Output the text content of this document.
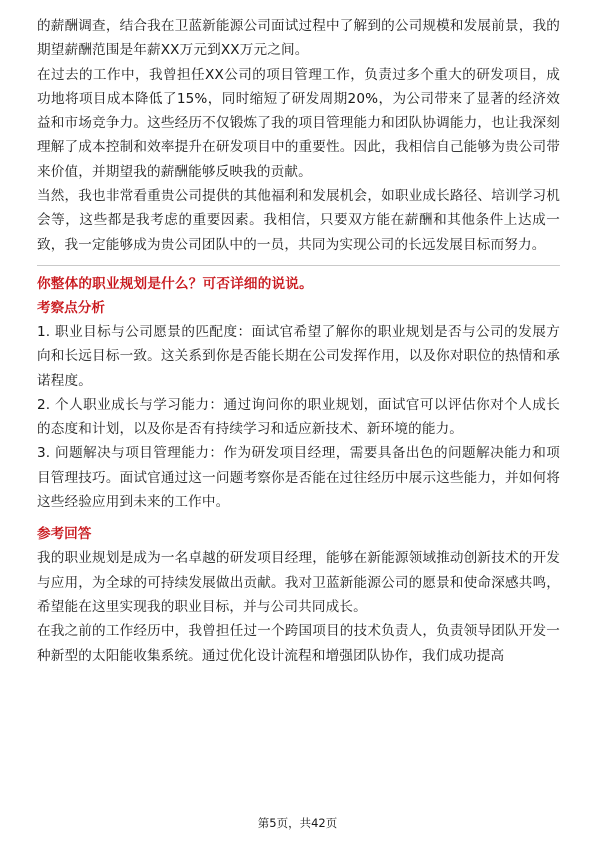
的薪酬调查，结合我在卫蓝新能源公司面试过程中了解到的公司规模和发展前景，我的期望薪酬范围是年薪XX万元到XX万元之间。

在过去的工作中，我曾担任XX公司的项目管理工作，负责过多个重大的研发项目，成功地将项目成本降低了15%，同时缩短了研发周期20%，为公司带来了显著的经济效益和市场竞争力。这些经历不仅锻炼了我的项目管理能力和团队协调能力，也让我深刻理解了成本控制和效率提升在研发项目中的重要性。因此，我相信自己能够为贵公司带来价值，并期望我的薪酬能够反映我的贡献。

当然，我也非常看重贵公司提供的其他福利和发展机会，如职业成长路径、培训学习机会等，这些都是我考虑的重要因素。我相信，只要双方能在薪酬和其他条件上达成一致，我一定能够成为贵公司团队中的一员，共同为实现公司的长远发展目标而努力。

你整体的职业规划是什么？可否详细的说说。

考察点分析

1. 职业目标与公司愿景的匹配度：面试官希望了解你的职业规划是否与公司的发展方向和长远目标一致。这关系到你是否能长期在公司发挥作用，以及你对职位的热情和承诺程度。

2. 个人职业成长与学习能力：通过询问你的职业规划，面试官可以评估你对个人成长的态度和计划，以及你是否有持续学习和适应新技术、新环境的能力。

3. 问题解决与项目管理能力：作为研发项目经理，需要具备出色的问题解决能力和项目管理技巧。面试官通过这一问题考察你是否能在过往经历中展示这些能力，并如何将这些经验应用到未来的工作中。

参考回答

我的职业规划是成为一名卓越的研发项目经理，能够在新能源领域推动创新技术的开发与应用，为全球的可持续发展做出贡献。我对卫蓝新能源公司的愿景和使命深感共鸣，希望能在这里实现我的职业目标，并与公司共同成长。

在我之前的工作经历中，我曾担任过一个跨国项目的技术负责人，负责领导团队开发一种新型的太阳能收集系统。通过优化设计流程和增强团队协作，我们成功提高

第5页，共42页
